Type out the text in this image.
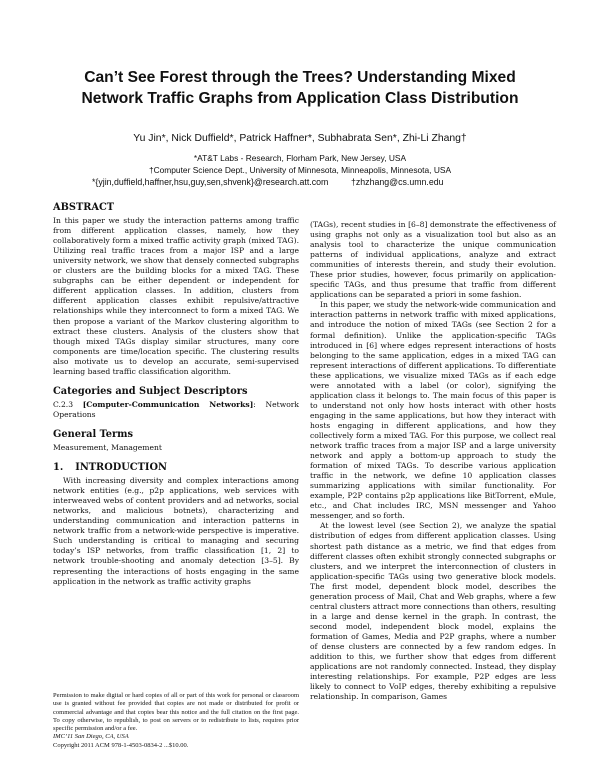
Can’t See Forest through the Trees? Understanding Mixed
Network Traffic Graphs from Application Class Distribution
Yu Jin*, Nick Duffield*, Patrick Haffner*, Subhabrata Sen*, Zhi-Li Zhang†
*AT&T Labs - Research, Florham Park, New Jersey, USA
†Computer Science Dept., University of Minnesota, Minneapolis, Minnesota, USA
*{yjin,duffield,haffner,hsu,guy,sen,shvenk}@research.att.com	†zhzhang@cs.umn.edu
ABSTRACT

In this paper we study the interaction patterns among traffic from different application classes, namely, how they collaboratively form a mixed traffic activity graph (mixed TAG). Utilizing real traffic traces from a major ISP and a large university network, we show that densely connected subgraphs or clusters are the building blocks for a mixed TAG. These subgraphs can be either dependent or independent for different application classes. In addition, clusters from different application classes exhibit repulsive/attractive relationships while they interconnect to form a mixed TAG. We then propose a variant of the Markov clustering algorithm to extract these clusters. Analysis of the clusters show that though mixed TAGs display similar structures, many core components are time/location specific. The clustering results also motivate us to develop an accurate, semi-supervised learning based traffic classification algorithm.

Categories and Subject Descriptors

C.2.3 [Computer-Communication Networks]: Network Operations

General Terms

Measurement, Management

1. INTRODUCTION

With increasing diversity and complex interactions among network entities (e.g., p2p applications, web services with interweaved webs of content providers and ad networks, social networks, and malicious botnets), characterizing and understanding communication and interaction patterns in network traffic from a network-wide perspective is imperative. Such understanding is critical to managing and securing today’s ISP networks, from traffic classification [1, 2] to network trouble-shooting and anomaly detection [3–5]. By representing the interactions of hosts engaging in the same application in the network as traffic activity graphs

Permission to make digital or hard copies of all or part of this work for personal or classroom use is granted without fee provided that copies are not made or distributed for profit or commercial advantage and that copies bear this notice and the full citation on the first page. To copy otherwise, to republish, to post on servers or to redistribute to lists, requires prior specific permission and/or a fee.

IMC’11 San Diego, CA, USA

Copyright 2011 ACM 978-1-4503-0834-2 ...$10.00.

(TAGs), recent studies in [6–8] demonstrate the effectiveness of using graphs not only as a visualization tool but also as an analysis tool to characterize the unique communication patterns of individual applications, analyze and extract communities of interests therein, and study their evolution. These prior studies, however, focus primarily on application-specific TAGs, and thus presume that traffic from different applications can be separated a priori in some fashion.

In this paper, we study the network-wide communication and interaction patterns in network traffic with mixed applications, and introduce the notion of mixed TAGs (see Section 2 for a formal definition). Unlike the application-specific TAGs introduced in [6] where edges represent interactions of hosts belonging to the same application, edges in a mixed TAG can represent interactions of different applications. To differentiate these applications, we visualize mixed TAGs as if each edge were annotated with a label (or color), signifying the application class it belongs to. The main focus of this paper is to understand not only how hosts interact with other hosts engaging in the same applications, but how they interact with hosts engaging in different applications, and how they collectively form a mixed TAG. For this purpose, we collect real network traffic traces from a major ISP and a large university network and apply a bottom-up approach to study the formation of mixed TAGs. To describe various application traffic in the network, we define 10 application classes summarizing applications with similar functionality. For example, P2P contains p2p applications like BitTorrent, eMule, etc., and Chat includes IRC, MSN messenger and Yahoo messenger, and so forth.

At the lowest level (see Section 2), we analyze the spatial distribution of edges from different application classes. Using shortest path distance as a metric, we find that edges from different classes often exhibit strongly connected subgraphs or clusters, and we interpret the interconnection of clusters in application-specific TAGs using two generative block models. The first model, dependent block model, describes the generation process of Mail, Chat and Web graphs, where a few central clusters attract more connections than others, resulting in a large and dense kernel in the graph. In contrast, the second model, independent block model, explains the formation of Games, Media and P2P graphs, where a number of dense clusters are connected by a few random edges. In addition to this, we further show that edges from different applications are not randomly connected. Instead, they display interesting relationships. For example, P2P edges are less likely to connect to VoIP edges, thereby exhibiting a repulsive relationship. In comparison, Games
